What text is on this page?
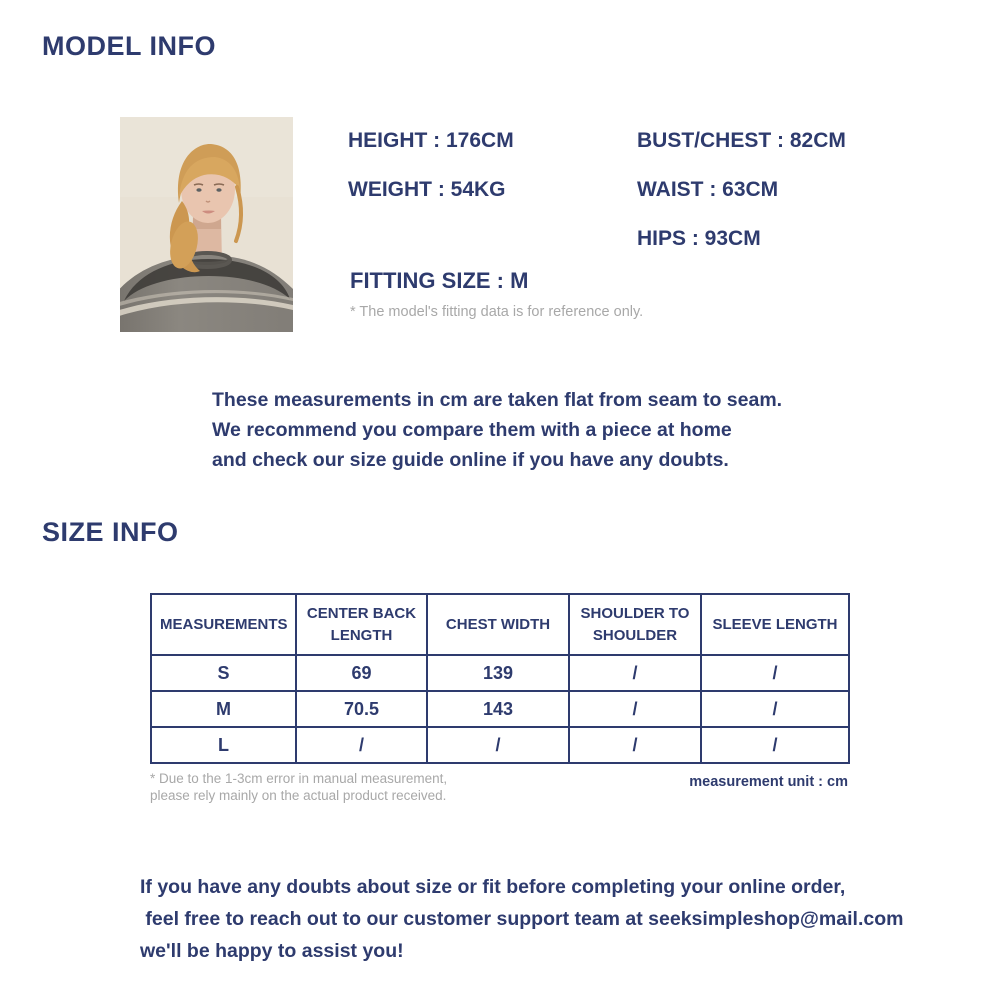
MODEL INFO
HEIGHT : 176CM
WEIGHT : 54KG
BUST/CHEST : 82CM
WAIST : 63CM
HIPS : 93CM
FITTING SIZE : M
* The model's fitting data is for reference only.
These measurements in cm are taken flat from seam to seam.
We recommend you compare them with a piece at home
and check our size guide online if you have any doubts.
SIZE INFO
MEASUREMENTS	CENTER BACK LENGTH	CHEST WIDTH	SHOULDER TO SHOULDER	SLEEVE LENGTH
S	69	139	/	/
M	70.5	143	/	/
L	/	/	/	/
* Due to the 1-3cm error in manual measurement,
please rely mainly on the actual product received.
measurement unit : cm
If you have any doubts about size or fit before completing your online order,
feel free to reach out to our customer support team at seeksimpleshop@mail.com
we'll be happy to assist you!
